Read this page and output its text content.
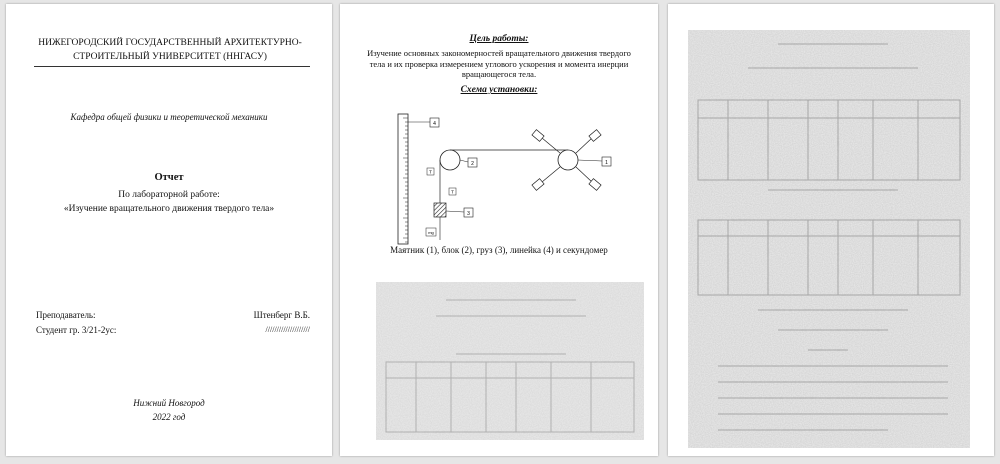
НИЖЕГОРОДСКИЙ ГОСУДАРСТВЕННЫЙ АРХИТЕКТУРНО-СТРОИТЕЛЬНЫЙ УНИВЕРСИТЕТ (ННГАСУ)
Кафедра общей физики и теоретической механики
Отчет
По лабораторной работе:
«Изучение вращательного движения твердого тела»
Преподаватель:	Штенберг В.Б.
Студент гр. 3/21-2ус:	////////////////////
Нижний Новгород
2022 год
Цель работы:
Изучение основных закономерностей вращательного движения твердого тела и их проверка измерением углового ускорения и момента инерции вращающегося тела.
Схема установки:
4
2
T
T
3
mg
1
Маятник (1), блок (2), груз (3), линейка (4) и секундомер
